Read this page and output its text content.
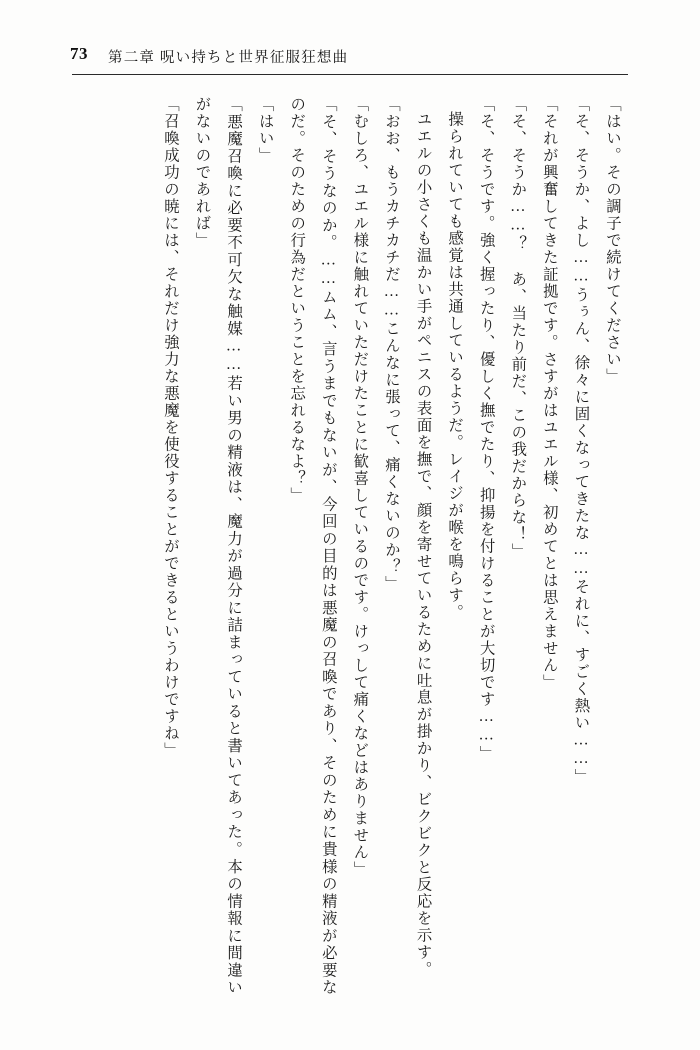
73 第二章 呪い持ちと世界征服狂想曲

「はい。その調子で続けてください」

「そ、そうか、よし……うぅん、徐々に固くなってきたな……それに、すごく熱い……」

「それが興奮してきた証拠です。さすがはユエル様、初めてとは思えません」

「そ、そうか……？ あ、当たり前だ、この我だからな！」

「そ、そうです。強く握ったり、優しく撫でたり、抑揚を付けることが大切です……」

操られていても感覚は共通しているようだ。レイジが喉を鳴らす。

ユエルの小さくも温かい手がペニスの表面を撫で、顔を寄せているために吐息が掛かり、ビクビクと反応を示す。

「おお、もうカチカチだ……こんなに張って、痛くないのか？」

「むしろ、ユエル様に触れていただけたことに歓喜しているのです。けっして痛くなどはありません」

「そ、そうなのか。……ムム、言うまでもないが、今回の目的は悪魔の召喚であり、そのために貴様の精液が必要なのだ。そのための行為だということを忘れるなよ？」

「はい」

「悪魔召喚に必要不可欠な触媒……若い男の精液は、魔力が過分に詰まっていると書いてあった。本の情報に間違いがないのであれば」

「召喚成功の暁には、それだけ強力な悪魔を使役することができるというわけですね」
